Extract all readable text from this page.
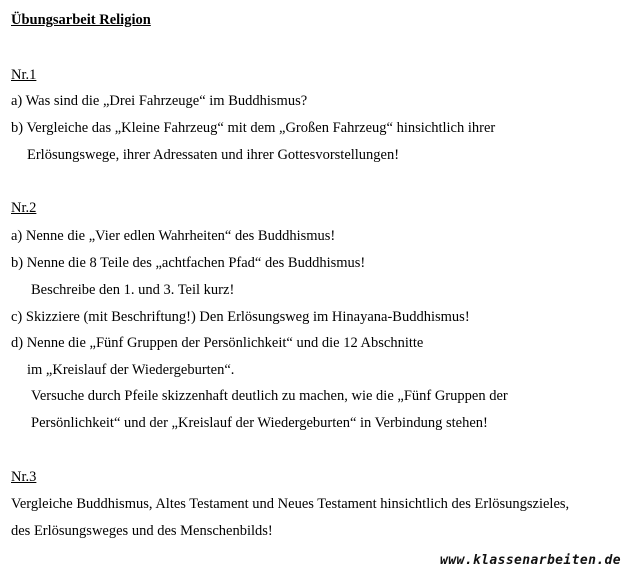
Übungsarbeit Religion
Nr.1
a) Was sind die „Drei Fahrzeuge“ im Buddhismus?
b) Vergleiche das „Kleine Fahrzeug“ mit dem „Großen Fahrzeug“ hinsichtlich ihrer
Erlösungswege, ihrer Adressaten und ihrer Gottesvorstellungen!
Nr.2
a) Nenne die „Vier edlen Wahrheiten“ des Buddhismus!
b) Nenne die 8 Teile des „achtfachen Pfad“ des Buddhismus!
Beschreibe den 1. und 3. Teil kurz!
c) Skizziere (mit Beschriftung!) Den Erlösungsweg im Hinayana-Buddhismus!
d) Nenne die „Fünf Gruppen der Persönlichkeit“ und die 12 Abschnitte
im „Kreislauf der Wiedergeburten“.
Versuche durch Pfeile skizzenhaft deutlich zu machen, wie die „Fünf Gruppen der
Persönlichkeit“ und der „Kreislauf der Wiedergeburten“ in Verbindung stehen!
Nr.3
Vergleiche Buddhismus, Altes Testament und Neues Testament hinsichtlich des Erlösungszieles,
des Erlösungsweges und des Menschenbilds!
www.klassenarbeiten.de
